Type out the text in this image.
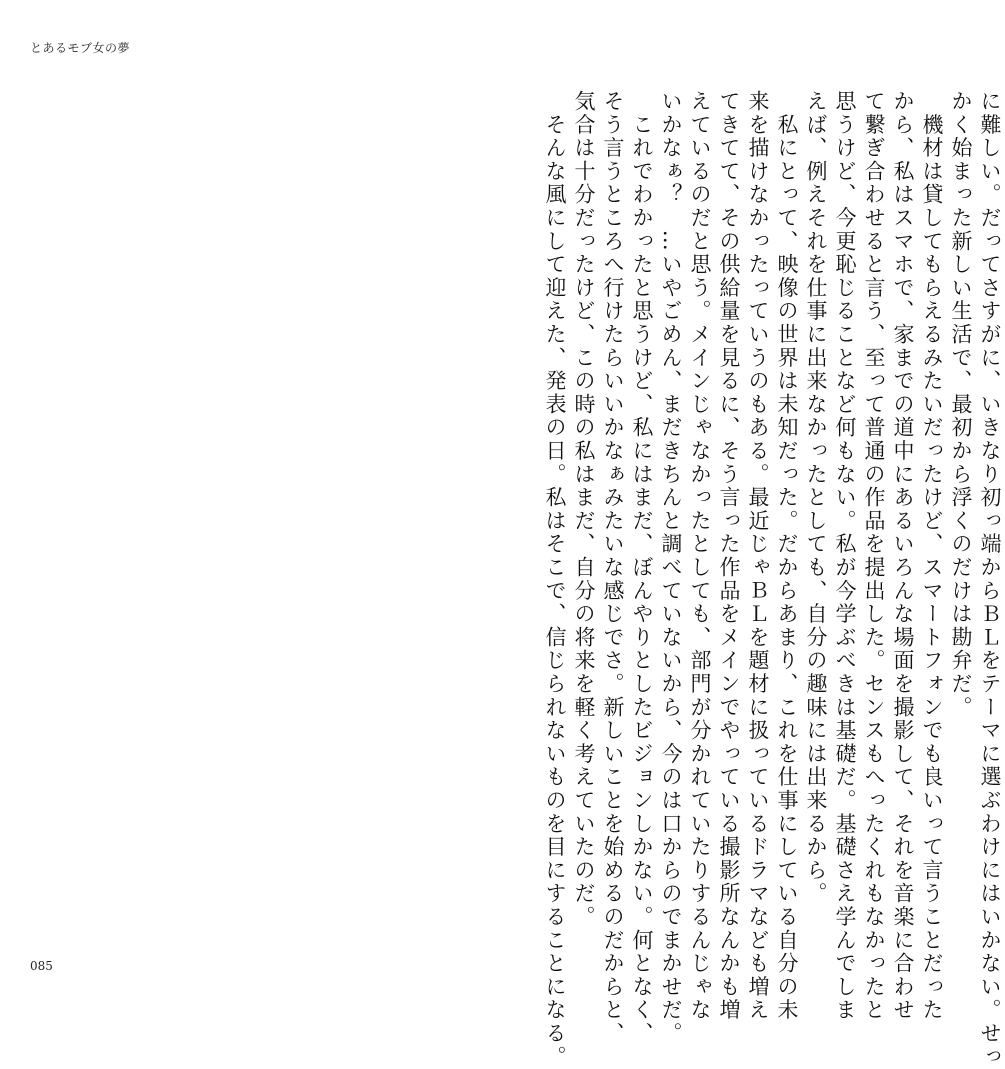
とあるモブ女の夢
に難しい。だってさすがに、いきなり初っ端からＢＬをテーマに選ぶわけにはいかない。せっ
かく始まった新しい生活で、最初から浮くのだけは勘弁だ。
　機材は貸してもらえるみたいだったけど、スマートフォンでも良いって言うことだった
から、私はスマホで、家までの道中にあるいろんな場面を撮影して、それを音楽に合わせ
て繋ぎ合わせると言う、至って普通の作品を提出した。センスもへったくれもなかったと
思うけど、今更恥じることなど何もない。私が今学ぶべきは基礎だ。基礎さえ学んでしま
えば、例えそれを仕事に出来なかったとしても、自分の趣味には出来るから。
　私にとって、映像の世界は未知だった。だからあまり、これを仕事にしている自分の未
来を描けなかったっていうのもある。最近じゃＢＬを題材に扱っているドラマなども増え
てきてて、その供給量を見るに、そう言った作品をメインでやっている撮影所なんかも増
えているのだと思う。メインじゃなかったとしても、部門が分かれていたりするんじゃな
いかなぁ？　…いやごめん、まだきちんと調べていないから、今のは口からのでまかせだ。
　これでわかったと思うけど、私にはまだ、ぼんやりとしたビジョンしかない。何となく、
そう言うところへ行けたらいいかなぁみたいな感じでさ。新しいことを始めるのだからと、
気合は十分だったけど、この時の私はまだ、自分の将来を軽く考えていたのだ。
　そんな風にして迎えた、発表の日。私はそこで、信じられないものを目にすることになる。
085
